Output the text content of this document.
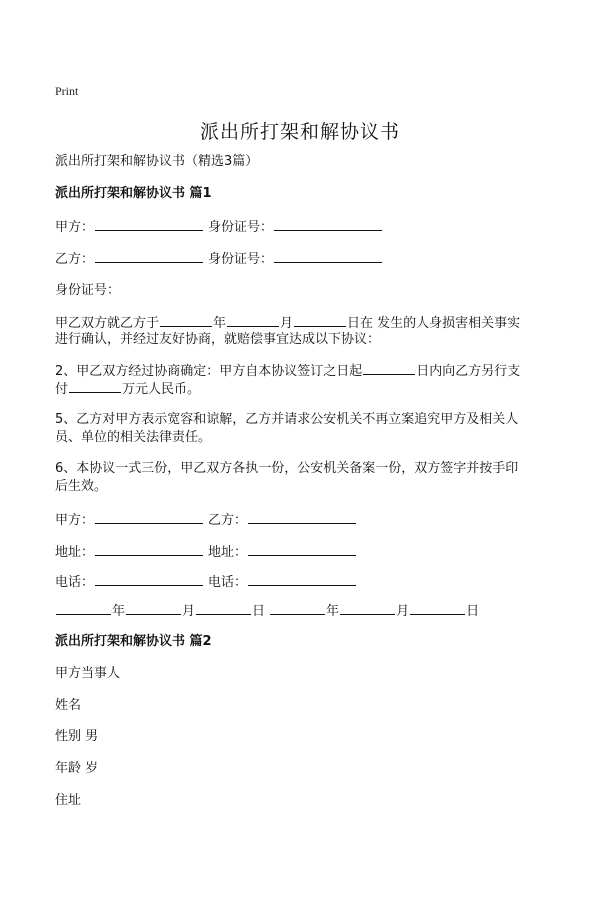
Print
派出所打架和解协议书
派出所打架和解协议书（精选3篇）
派出所打架和解协议书 篇1
甲方：	身份证号：
乙方：	身份证号：
身份证号：
甲乙双方就乙方于	年	月	日在 发生的人身损害相关事实
进行确认，并经过友好协商，就赔偿事宜达成以下协议：
2、甲乙双方经过协商确定：甲方自本协议签订之日起	日内向乙方另行支
付	万元人民币。
5、乙方对甲方表示宽容和谅解，乙方并请求公安机关不再立案追究甲方及相关人
员、单位的相关法律责任。
6、本协议一式三份，甲乙双方各执一份，公安机关备案一份，双方签字并按手印
后生效。
甲方：	乙方：
地址：	地址：
电话：	电话：
年	月	日	年	月	日
派出所打架和解协议书 篇2
甲方当事人
姓名
性别 男
年龄 岁
住址
